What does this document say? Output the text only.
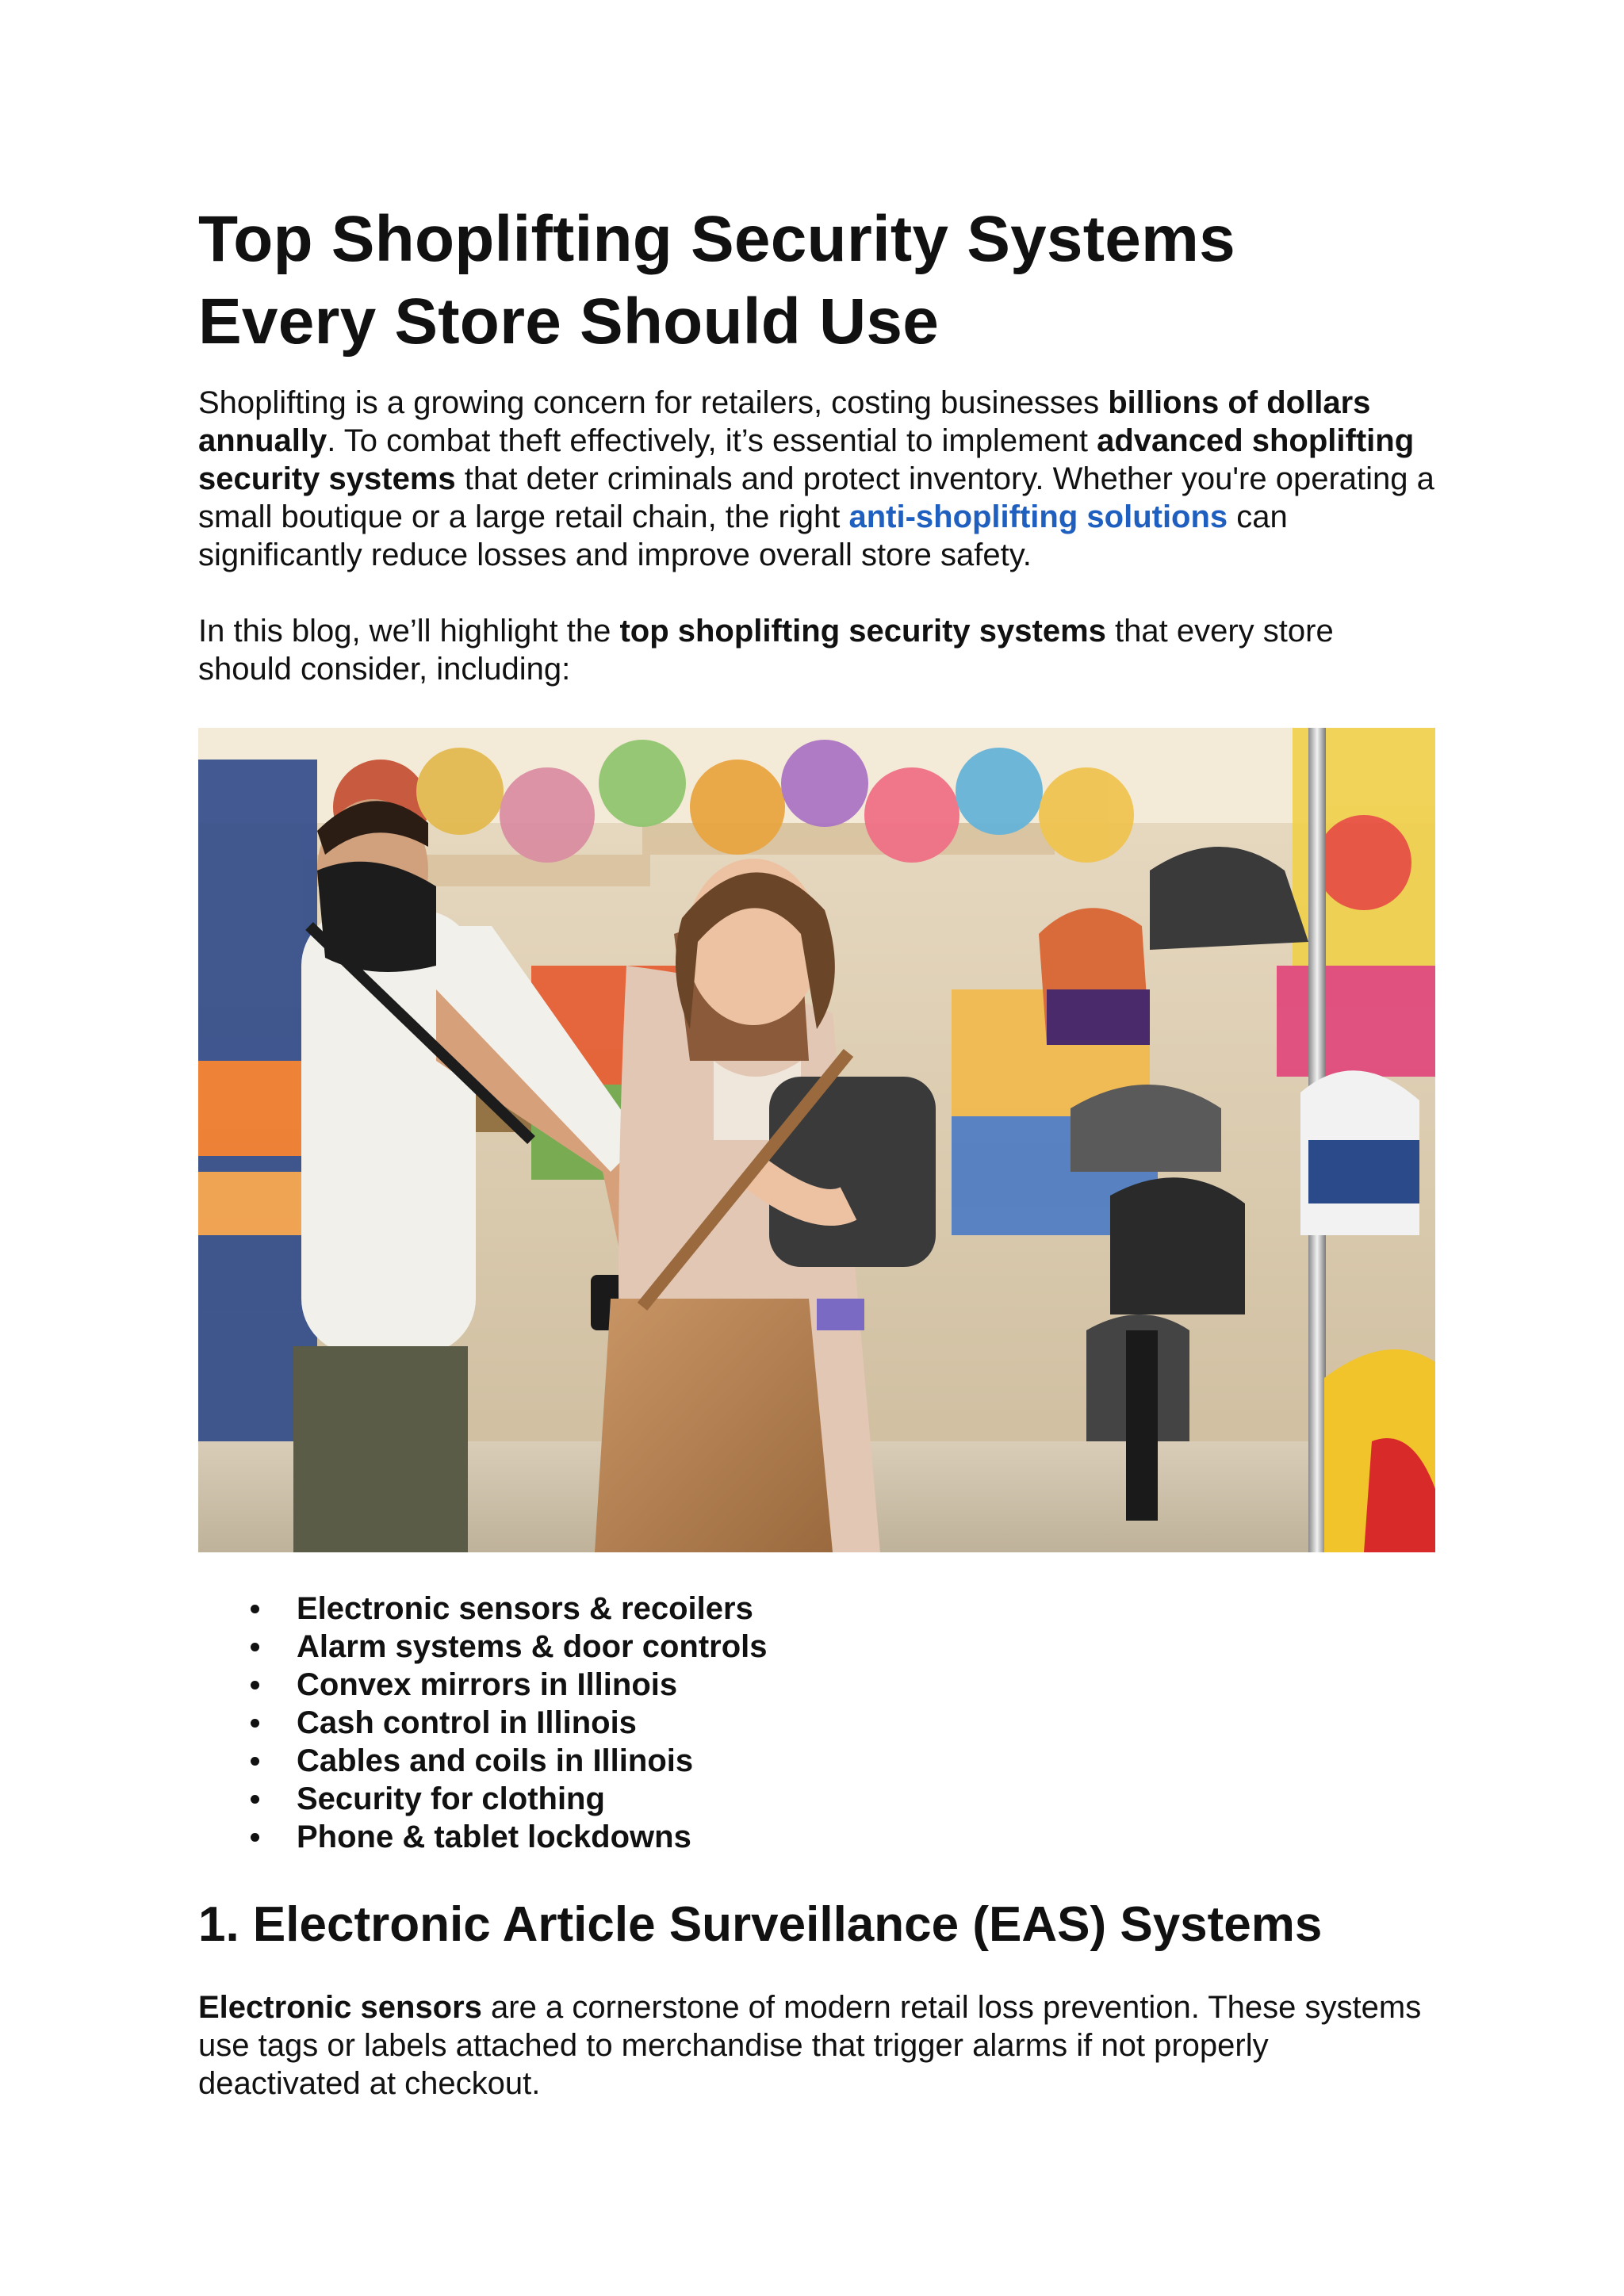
Top Shoplifting Security Systems
Every Store Should Use

Shoplifting is a growing concern for retailers, costing businesses billions of dollars annually. To combat theft effectively, it’s essential to implement advanced shoplifting security systems that deter criminals and protect inventory. Whether you're operating a small boutique or a large retail chain, the right anti-shoplifting solutions can significantly reduce losses and improve overall store safety.

In this blog, we’ll highlight the top shoplifting security systems that every store should consider, including:

Electronic sensors & recoilers
Alarm systems & door controls
Convex mirrors in Illinois
Cash control in Illinois
Cables and coils in Illinois
Security for clothing
Phone & tablet lockdowns
1. Electronic Article Surveillance (EAS) Systems

Electronic sensors are a cornerstone of modern retail loss prevention. These systems use tags or labels attached to merchandise that trigger alarms if not properly deactivated at checkout.
